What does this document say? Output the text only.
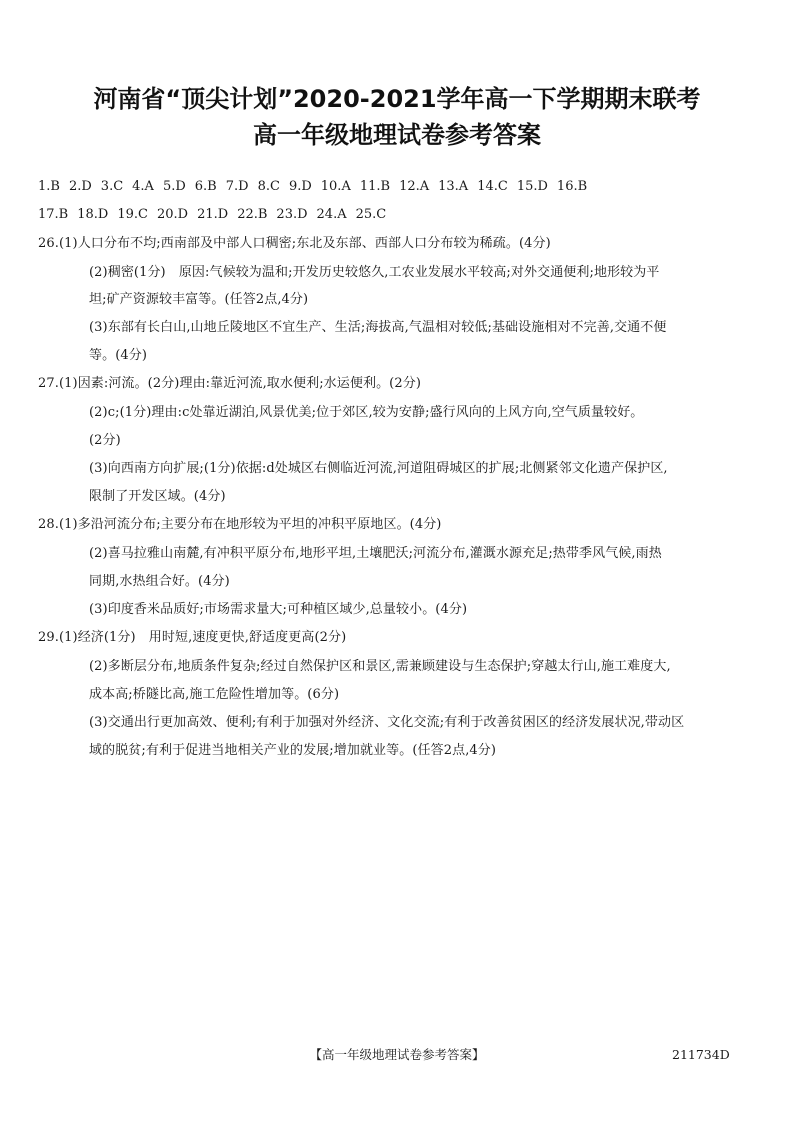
河南省“顶尖计划”2020-2021学年高一下学期期末联考
高一年级地理试卷参考答案
1.B 2.D 3.C 4.A 5.D 6.B 7.D 8.C 9.D 10.A 11.B 12.A 13.A 14.C 15.D 16.B
17.B 18.D 19.C 20.D 21.D 22.B 23.D 24.A 25.C
26.(1)人口分布不均;西南部及中部人口稠密;东北及东部、西部人口分布较为稀疏。(4分)
(2)稠密(1分)　原因:气候较为温和;开发历史较悠久,工农业发展水平较高;对外交通便利;地形较为平
坦;矿产资源较丰富等。(任答2点,4分)
(3)东部有长白山,山地丘陵地区不宜生产、生活;海拔高,气温相对较低;基础设施相对不完善,交通不便
等。(4分)
27.(1)因素:河流。(2分)理由:靠近河流,取水便利;水运便利。(2分)
(2)c;(1分)理由:c处靠近湖泊,风景优美;位于郊区,较为安静;盛行风向的上风方向,空气质量较好。
(2分)
(3)向西南方向扩展;(1分)依据:d处城区右侧临近河流,河道阻碍城区的扩展;北侧紧邻文化遗产保护区,
限制了开发区域。(4分)
28.(1)多沿河流分布;主要分布在地形较为平坦的冲积平原地区。(4分)
(2)喜马拉雅山南麓,有冲积平原分布,地形平坦,土壤肥沃;河流分布,灌溉水源充足;热带季风气候,雨热
同期,水热组合好。(4分)
(3)印度香米品质好;市场需求量大;可种植区域少,总量较小。(4分)
29.(1)经济(1分)　用时短,速度更快,舒适度更高(2分)
(2)多断层分布,地质条件复杂;经过自然保护区和景区,需兼顾建设与生态保护;穿越太行山,施工难度大,
成本高;桥隧比高,施工危险性增加等。(6分)
(3)交通出行更加高效、便利;有利于加强对外经济、文化交流;有利于改善贫困区的经济发展状况,带动区
域的脱贫;有利于促进当地相关产业的发展;增加就业等。(任答2点,4分)
【高一年级地理试卷参考答案】	211734D
